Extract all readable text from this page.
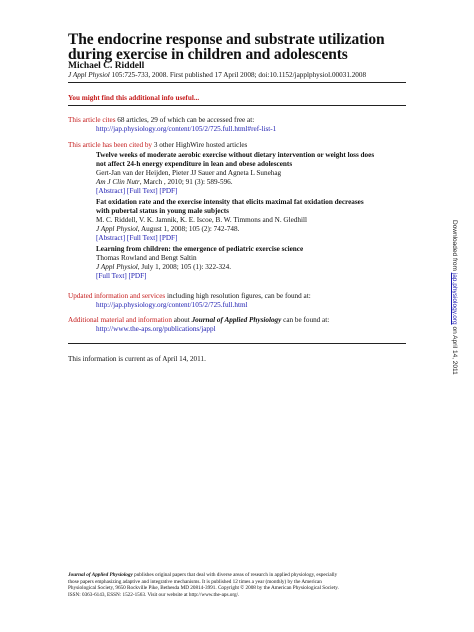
The endocrine response and substrate utilization during exercise in children and adolescents
Michael C. Riddell
J Appl Physiol 105:725-733, 2008. First published 17 April 2008; doi:10.1152/japplphysiol.00031.2008
You might find this additional info useful...
This article cites 68 articles, 29 of which can be accessed free at:
http://jap.physiology.org/content/105/2/725.full.html#ref-list-1
This article has been cited by 3 other HighWire hosted articles
Twelve weeks of moderate aerobic exercise without dietary intervention or weight loss does
not affect 24-h energy expenditure in lean and obese adolescents
Gert-Jan van der Heijden, Pieter JJ Sauer and Agneta L Sunehag
Am J Clin Nutr, March , 2010; 91 (3): 589-596.
[Abstract] [Full Text] [PDF]
Fat oxidation rate and the exercise intensity that elicits maximal fat oxidation decreases
with pubertal status in young male subjects
M. C. Riddell, V. K. Jamnik, K. E. Iscoe, B. W. Timmons and N. Gledhill
J Appl Physiol, August 1, 2008; 105 (2): 742-748.
[Abstract] [Full Text] [PDF]
Learning from children: the emergence of pediatric exercise science
Thomas Rowland and Bengt Saltin
J Appl Physiol, July 1, 2008; 105 (1): 322-324.
[Full Text] [PDF]
Updated information and services including high resolution figures, can be found at:
http://jap.physiology.org/content/105/2/725.full.html
Additional material and information about Journal of Applied Physiology can be found at:
http://www.the-aps.org/publications/jappl
This information is current as of April 14, 2011.
Downloaded from jap.physiology.org on April 14, 2011
Journal of Applied Physiology publishes original papers that deal with diverse areas of research in applied physiology, especially
those papers emphasizing adaptive and integrative mechanisms. It is published 12 times a year (monthly) by the American
Physiological Society, 9650 Rockville Pike, Bethesda MD 20814-3991. Copyright © 2008 by the American Physiological Society.
ISSN: 0363-6143, ESSN: 1522-1563. Visit our website at http://www.the-aps.org/.
